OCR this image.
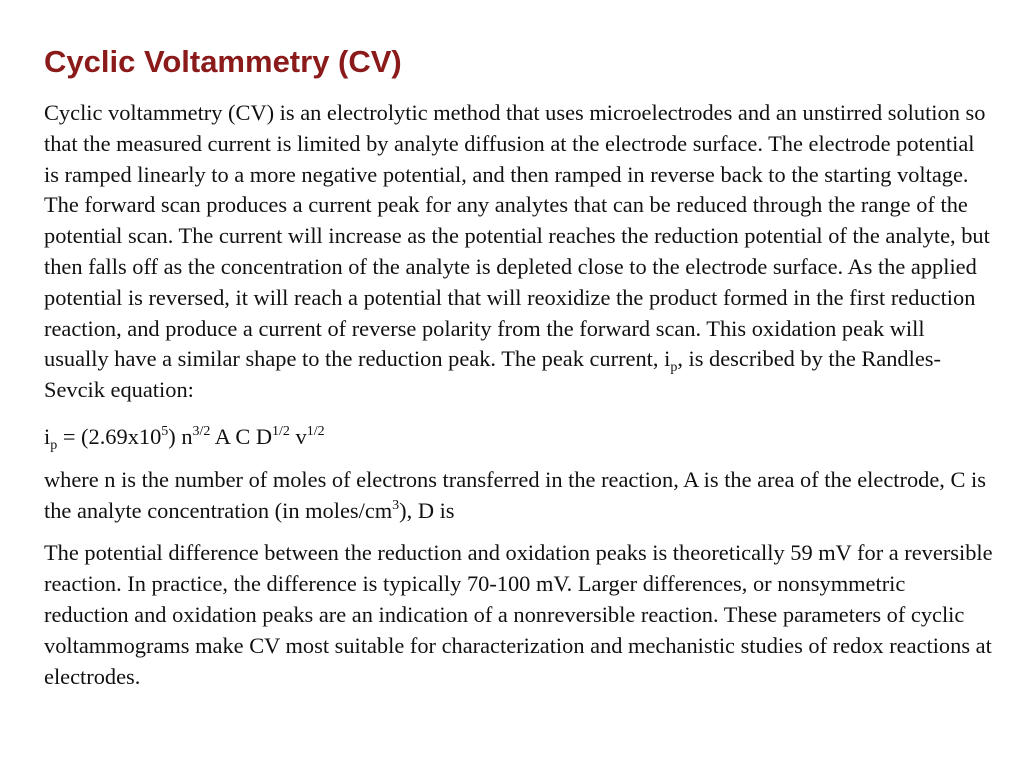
Cyclic Voltammetry (CV)

Cyclic voltammetry (CV) is an electrolytic method that uses microelectrodes and an unstirred solution so that the measured current is limited by analyte diffusion at the electrode surface. The electrode potential is ramped linearly to a more negative potential, and then ramped in reverse back to the starting voltage. The forward scan produces a current peak for any analytes that can be reduced through the range of the potential scan. The current will increase as the potential reaches the reduction potential of the analyte, but then falls off as the concentration of the analyte is depleted close to the electrode surface. As the applied potential is reversed, it will reach a potential that will reoxidize the product formed in the first reduction reaction, and produce a current of reverse polarity from the forward scan. This oxidation peak will usually have a similar shape to the reduction peak. The peak current, $i_p$, is described by the Randles-Sevcik equation:

$i_p = (2.69x10^5)$ $n^{3/2}$ A C $D^{1/2}$ $v^{1/2}$

where n is the number of moles of electrons transferred in the reaction, A is the area of the electrode, C is the analyte concentration (in moles/$cm^3$), D is

The potential difference between the reduction and oxidation peaks is theoretically 59 mV for a reversible reaction. In practice, the difference is typically 70-100 mV. Larger differences, or nonsymmetric reduction and oxidation peaks are an indication of a nonreversible reaction. These parameters of cyclic voltammograms make CV most suitable for characterization and mechanistic studies of redox reactions at electrodes.
